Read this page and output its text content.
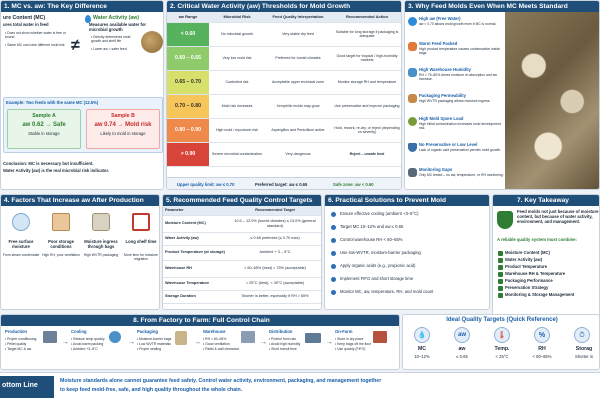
1. MC vs. aw: The Key Difference
ure Content (MC)
ures total water in feed
• Does not show whether water is free or bound
• Same MC can have different mold risk ≠
Water Activity (aw)
Measures available water for microbial growth
• Directly determines mold growth and shelf life
• Lower aw = safer feed
Example: Two feeds with the same MC (12.5%)
Sample A
aw 0.62 → Safe
Stable in storage
Sample B
aw 0.74 → Mold risk
Likely to mold in storage
Conclusion: MC is necessary but insufficient.
Water Activity (aw) is the real microbial risk indicator.
2. Critical Water Activity (aw) Thresholds for Mold Growth
aw Range	Microbial Risk	Feed Quality Interpretation	Recommended Action
< 0.60	No microbial growth	Very stable dry feed	Suitable for long storage if packaging is adequate
0.60 – 0.65	Very low mold risk	Preferred for humid climates	Good target for tropical / high-humidity markets
0.65 – 0.70	Controlled risk	Acceptable upper technical zone	Monitor storage RH and temperature
0.70 – 0.80	Mold risk increases	Xerophilic molds may grow	Use preservative and improve packaging
0.80 – 0.90	High mold / mycotoxin risk	Aspergillus and Penicillium active	Hold, rework, re-dry, or reject (depending on severity)
> 0.90	Severe microbial contamination	Very dangerous	Reject – unsafe feed
Upper quality limit: aw ≤ 0.70	Preferred target: aw ≤ 0.65	Safe zone: aw < 0.60
3. Why Feed Molds Even When MC Meets Standard
High aw (Free Water)
aw > 0.70 allows mold growth even if MC is normal.
Warm Feed Packed
High product temperature causes condensation inside bags.
High Warehouse Humidity
RH > 75–80% drives moisture re-absorption and aw increase.
Packaging Permeability
High WVTR packaging allows moisture ingress.
High Mold Spore Load
High initial contamination increases mold development risk.
No Preservative or Low Level
Lack of organic acid preservation permits mold growth.
Monitoring Gaps
Only MC tested – no aw, temperature, or RH monitoring.
4. Factors That Increase aw After Production
Free surface moisture
From steam condensate
Poor storage conditions
High RH, poor ventilation
Moisture ingress through bags
High WVTR packaging
Long shelf time
More time for moisture migration
5. Recommended Feed Quality Control Targets
Parameter	Recommended Target
Moisture Content (MC)	10.0 – 12.0% (humid climates) ≤ 13.0% (general standard)
Water Activity (aw)	≤ 0.65 preferred (≤ 0.70 max)
Product Temperature (at storage)	Ambient + 3 – 5°C
Warehouse RH	< 60–65% (best) < 75% (acceptable)
Warehouse Temperature	< 25°C (best), < 30°C (acceptable)
Storage Duration	Shorter is better, especially if RH > 65%
6. Practical Solutions to Prevent Mold
Ensure effective cooling (ambient +3–5°C)
Target MC 10–12% and aw ≤ 0.65
Control warehouse RH < 60–65%
Use low-WVTR, moisture-barrier packaging
Apply organic acids (e.g., propionic acid)
Implement FIFO and short storage time
Monitor MC, aw, temperature, RH, and mold count
7. Key Takeaway
Feed molds not just because of moisture content, but because of water activity, environment, and management.
A reliable quality system must combine:
Moisture Content (MC)
Water Activity (aw)
Product Temperature
Warehouse RH & Temperature
Packaging Performance
Preservation Strategy
Monitoring & Storage Management
8. From Factory to Farm: Full Control Chain
Production
• Proper conditioning
• Pellet quality
• Target MC & aw
→
Cooling
• Reduce temp quickly
• Avoid warm packing
• Ambient +3–5°C
→
Packaging
• Moisture-barrier bags
• Low WVTR materials
• Proper sealing
→
Warehouse
• RH < 60–65%
• Good ventilation
• Pallet & wall clearance
→
Distribution
• Protect from rain
• Avoid high humidity
• Short transit time
→
On-Farm
• Store in dry place
• Keep bags off the floor
• Use quickly (FIFO)
Ideal Quality Targets (Quick Reference)
💧
MC
10–12%
aw
aw
≤ 0.65
🌡
Temp.
< 25°C
%
RH
< 60–65%
⏱
Storag
Shorter is
ottom Line
Moisture standards alone cannot guarantee feed safety. Control water activity, environment, packaging, and management together
to keep feed mold-free, safe, and high quality throughout the whole chain.
